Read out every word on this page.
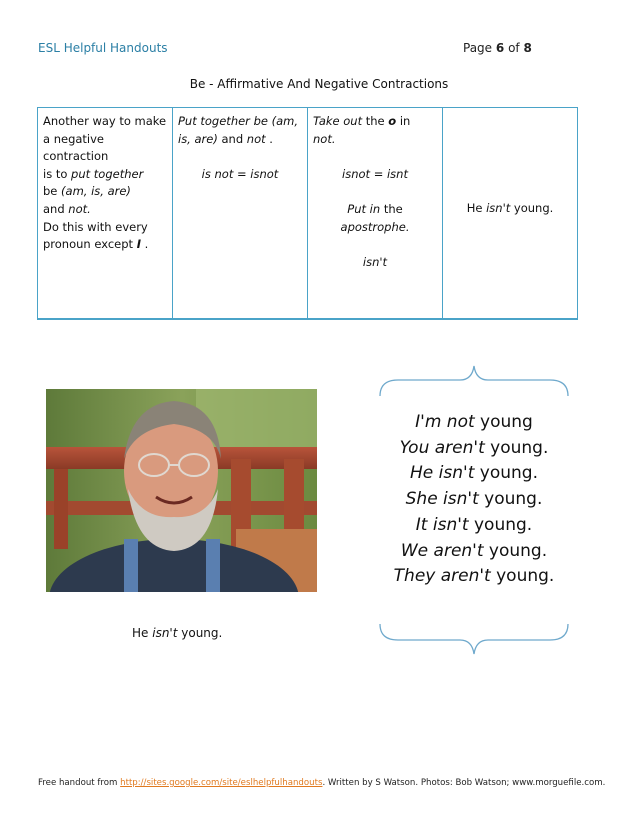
ESL Helpful Handouts	Page 6 of 8
Be - Affirmative And Negative Contractions
Another way to make
a negative contraction
is to put together
be (am, is, are)
and not.
Do this with every
pronoun except I .
Put together be (am,
is, are) and not .
is not = isnot
Take out the o in
not.
isnot = isnt
Put in the
apostrophe.
isn't
He isn't young.
He isn't young.
I'm not young
You aren't young.
He isn't young.
She isn't young.
It isn't young.
We aren't young.
They aren't young.
Free handout from http://sites.google.com/site/eslhelpfulhandouts. Written by S Watson. Photos: Bob Watson; www.morguefile.com.
